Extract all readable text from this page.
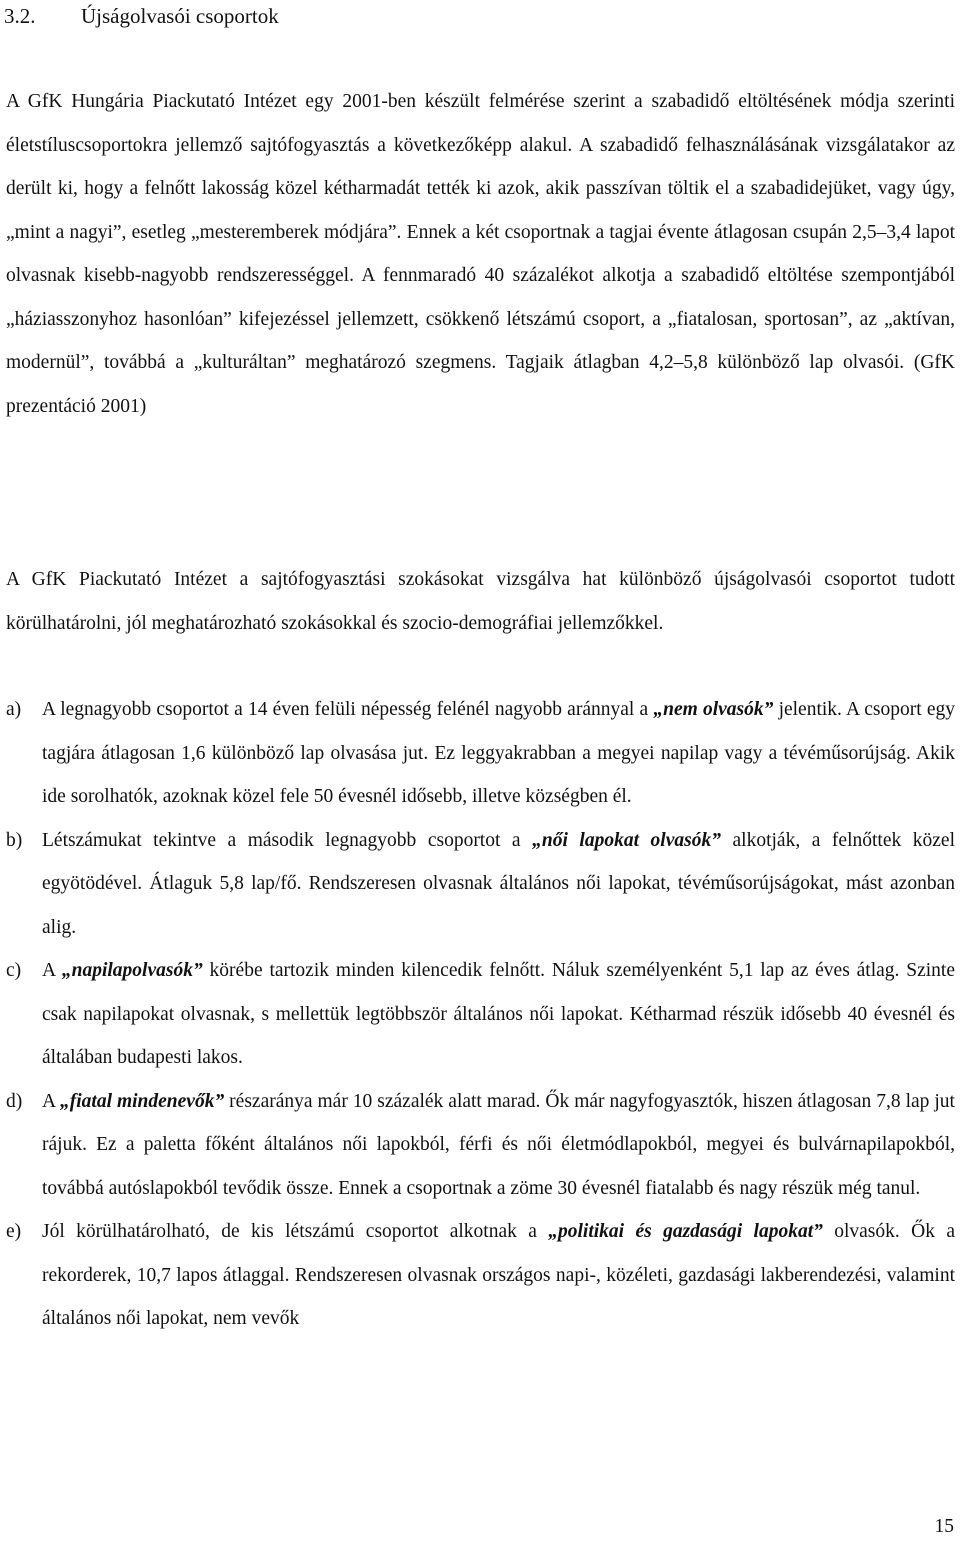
3.2. Újságolvasói csoportok

A GfK Hungária Piackutató Intézet egy 2001-ben készült felmérése szerint a szabadidő eltöltésének módja szerinti életstíluscsoportokra jellemző sajtófogyasztás a következőképp alakul. A szabadidő felhasználásának vizsgálatakor az derült ki, hogy a felnőtt lakosság közel kétharmadát tették ki azok, akik passzívan töltik el a szabadidejüket, vagy úgy, „mint a nagyi”, esetleg „mesteremberek módjára”. Ennek a két csoportnak a tagjai évente átlagosan csupán 2,5–3,4 lapot olvasnak kisebb-nagyobb rendszerességgel. A fennmaradó 40 százalékot alkotja a szabadidő eltöltése szempontjából „háziasszonyhoz hasonlóan” kifejezéssel jellemzett, csökkenő létszámú csoport, a „fiatalosan, sportosan”, az „aktívan, modernül”, továbbá a „kulturáltan” meghatározó szegmens. Tagjaik átlagban 4,2–5,8 különböző lap olvasói. (GfK prezentáció 2001)

A GfK Piackutató Intézet a sajtófogyasztási szokásokat vizsgálva hat különböző újságolvasói csoportot tudott körülhatárolni, jól meghatározható szokásokkal és szocio-demográfiai jellemzőkkel.

a) A legnagyobb csoportot a 14 éven felüli népesség felénél nagyobb aránnyal a „nem olvasók” jelentik. A csoport egy tagjára átlagosan 1,6 különböző lap olvasása jut. Ez leggyakrabban a megyei napilap vagy a tévéműsorújság. Akik ide sorolhatók, azoknak közel fele 50 évesnél idősebb, illetve községben él.
b) Létszámukat tekintve a második legnagyobb csoportot a „női lapokat olvasók” alkotják, a felnőttek közel egyötödével. Átlaguk 5,8 lap/fő. Rendszeresen olvasnak általános női lapokat, tévéműsorújságokat, mást azonban alig.
c) A „napilapolvasók” körébe tartozik minden kilencedik felnőtt. Náluk személyenként 5,1 lap az éves átlag. Szinte csak napilapokat olvasnak, s mellettük legtöbbször általános női lapokat. Kétharmad részük idősebb 40 évesnél és általában budapesti lakos.
d) A „fiatal mindenevők” részaránya már 10 százalék alatt marad. Ők már nagyfogyasztók, hiszen átlagosan 7,8 lap jut rájuk. Ez a paletta főként általános női lapokból, férfi és női életmódlapokból, megyei és bulvárnapilapokból, továbbá autóslapokból tevődik össze. Ennek a csoportnak a zöme 30 évesnél fiatalabb és nagy részük még tanul.
e) Jól körülhatárolható, de kis létszámú csoportot alkotnak a „politikai és gazdasági lapokat” olvasók. Ők a rekorderek, 10,7 lapos átlaggal. Rendszeresen olvasnak országos napi-, közéleti, gazdasági lakberendezési, valamint általános női lapokat, nem vevők
15
